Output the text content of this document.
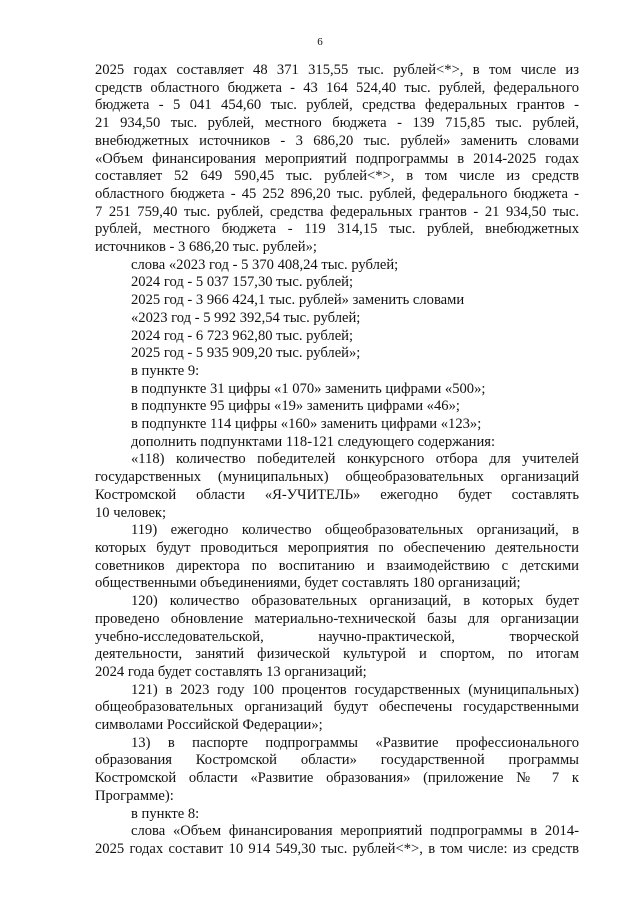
6
2025 годах составляет 48 371 315,55 тыс. рублей<*>, в том числе из
средств областного бюджета - 43 164 524,40 тыс. рублей, федерального
бюджета - 5 041 454,60 тыс. рублей, средства федеральных грантов -
21 934,50 тыс. рублей, местного бюджета - 139 715,85 тыс. рублей,
внебюджетных источников - 3 686,20 тыс. рублей» заменить словами
«Объем финансирования мероприятий подпрограммы в 2014-2025 годах
составляет 52 649 590,45 тыс. рублей<*>, в том числе из средств
областного бюджета - 45 252 896,20 тыс. рублей, федерального бюджета -
7 251 759,40 тыс. рублей, средства федеральных грантов - 21 934,50 тыс.
рублей, местного бюджета - 119 314,15 тыс. рублей, внебюджетных
источников - 3 686,20 тыс. рублей»;
слова «2023 год - 5 370 408,24 тыс. рублей;
2024 год - 5 037 157,30 тыс. рублей;
2025 год - 3 966 424,1 тыс. рублей» заменить словами
«2023 год - 5 992 392,54 тыс. рублей;
2024 год - 6 723 962,80 тыс. рублей;
2025 год - 5 935 909,20 тыс. рублей»;
в пункте 9:
в подпункте 31 цифры «1 070» заменить цифрами «500»;
в подпункте 95 цифры «19» заменить цифрами «46»;
в подпункте 114 цифры «160» заменить цифрами «123»;
дополнить подпунктами 118-121 следующего содержания:
«118) количество победителей конкурсного отбора для учителей
государственных (муниципальных) общеобразовательных организаций
Костромской области «Я-УЧИТЕЛЬ» ежегодно будет составлять
10 человек;
119) ежегодно количество общеобразовательных организаций, в
которых будут проводиться мероприятия по обеспечению деятельности
советников директора по воспитанию и взаимодействию с детскими
общественными объединениями, будет составлять 180 организаций;
120) количество образовательных организаций, в которых будет
проведено обновление материально-технической базы для организации
учебно-исследовательской, научно-практической, творческой
деятельности, занятий физической культурой и спортом, по итогам
2024 года будет составлять 13 организаций;
121) в 2023 году 100 процентов государственных (муниципальных)
общеобразовательных организаций будут обеспечены государственными
символами Российской Федерации»;
13) в паспорте подпрограммы «Развитие профессионального
образования Костромской области» государственной программы
Костромской области «Развитие образования» (приложение № 7 к
Программе):
в пункте 8:
слова «Объем финансирования мероприятий подпрограммы в 2014-
2025 годах составит 10 914 549,30 тыс. рублей<*>, в том числе: из средств
